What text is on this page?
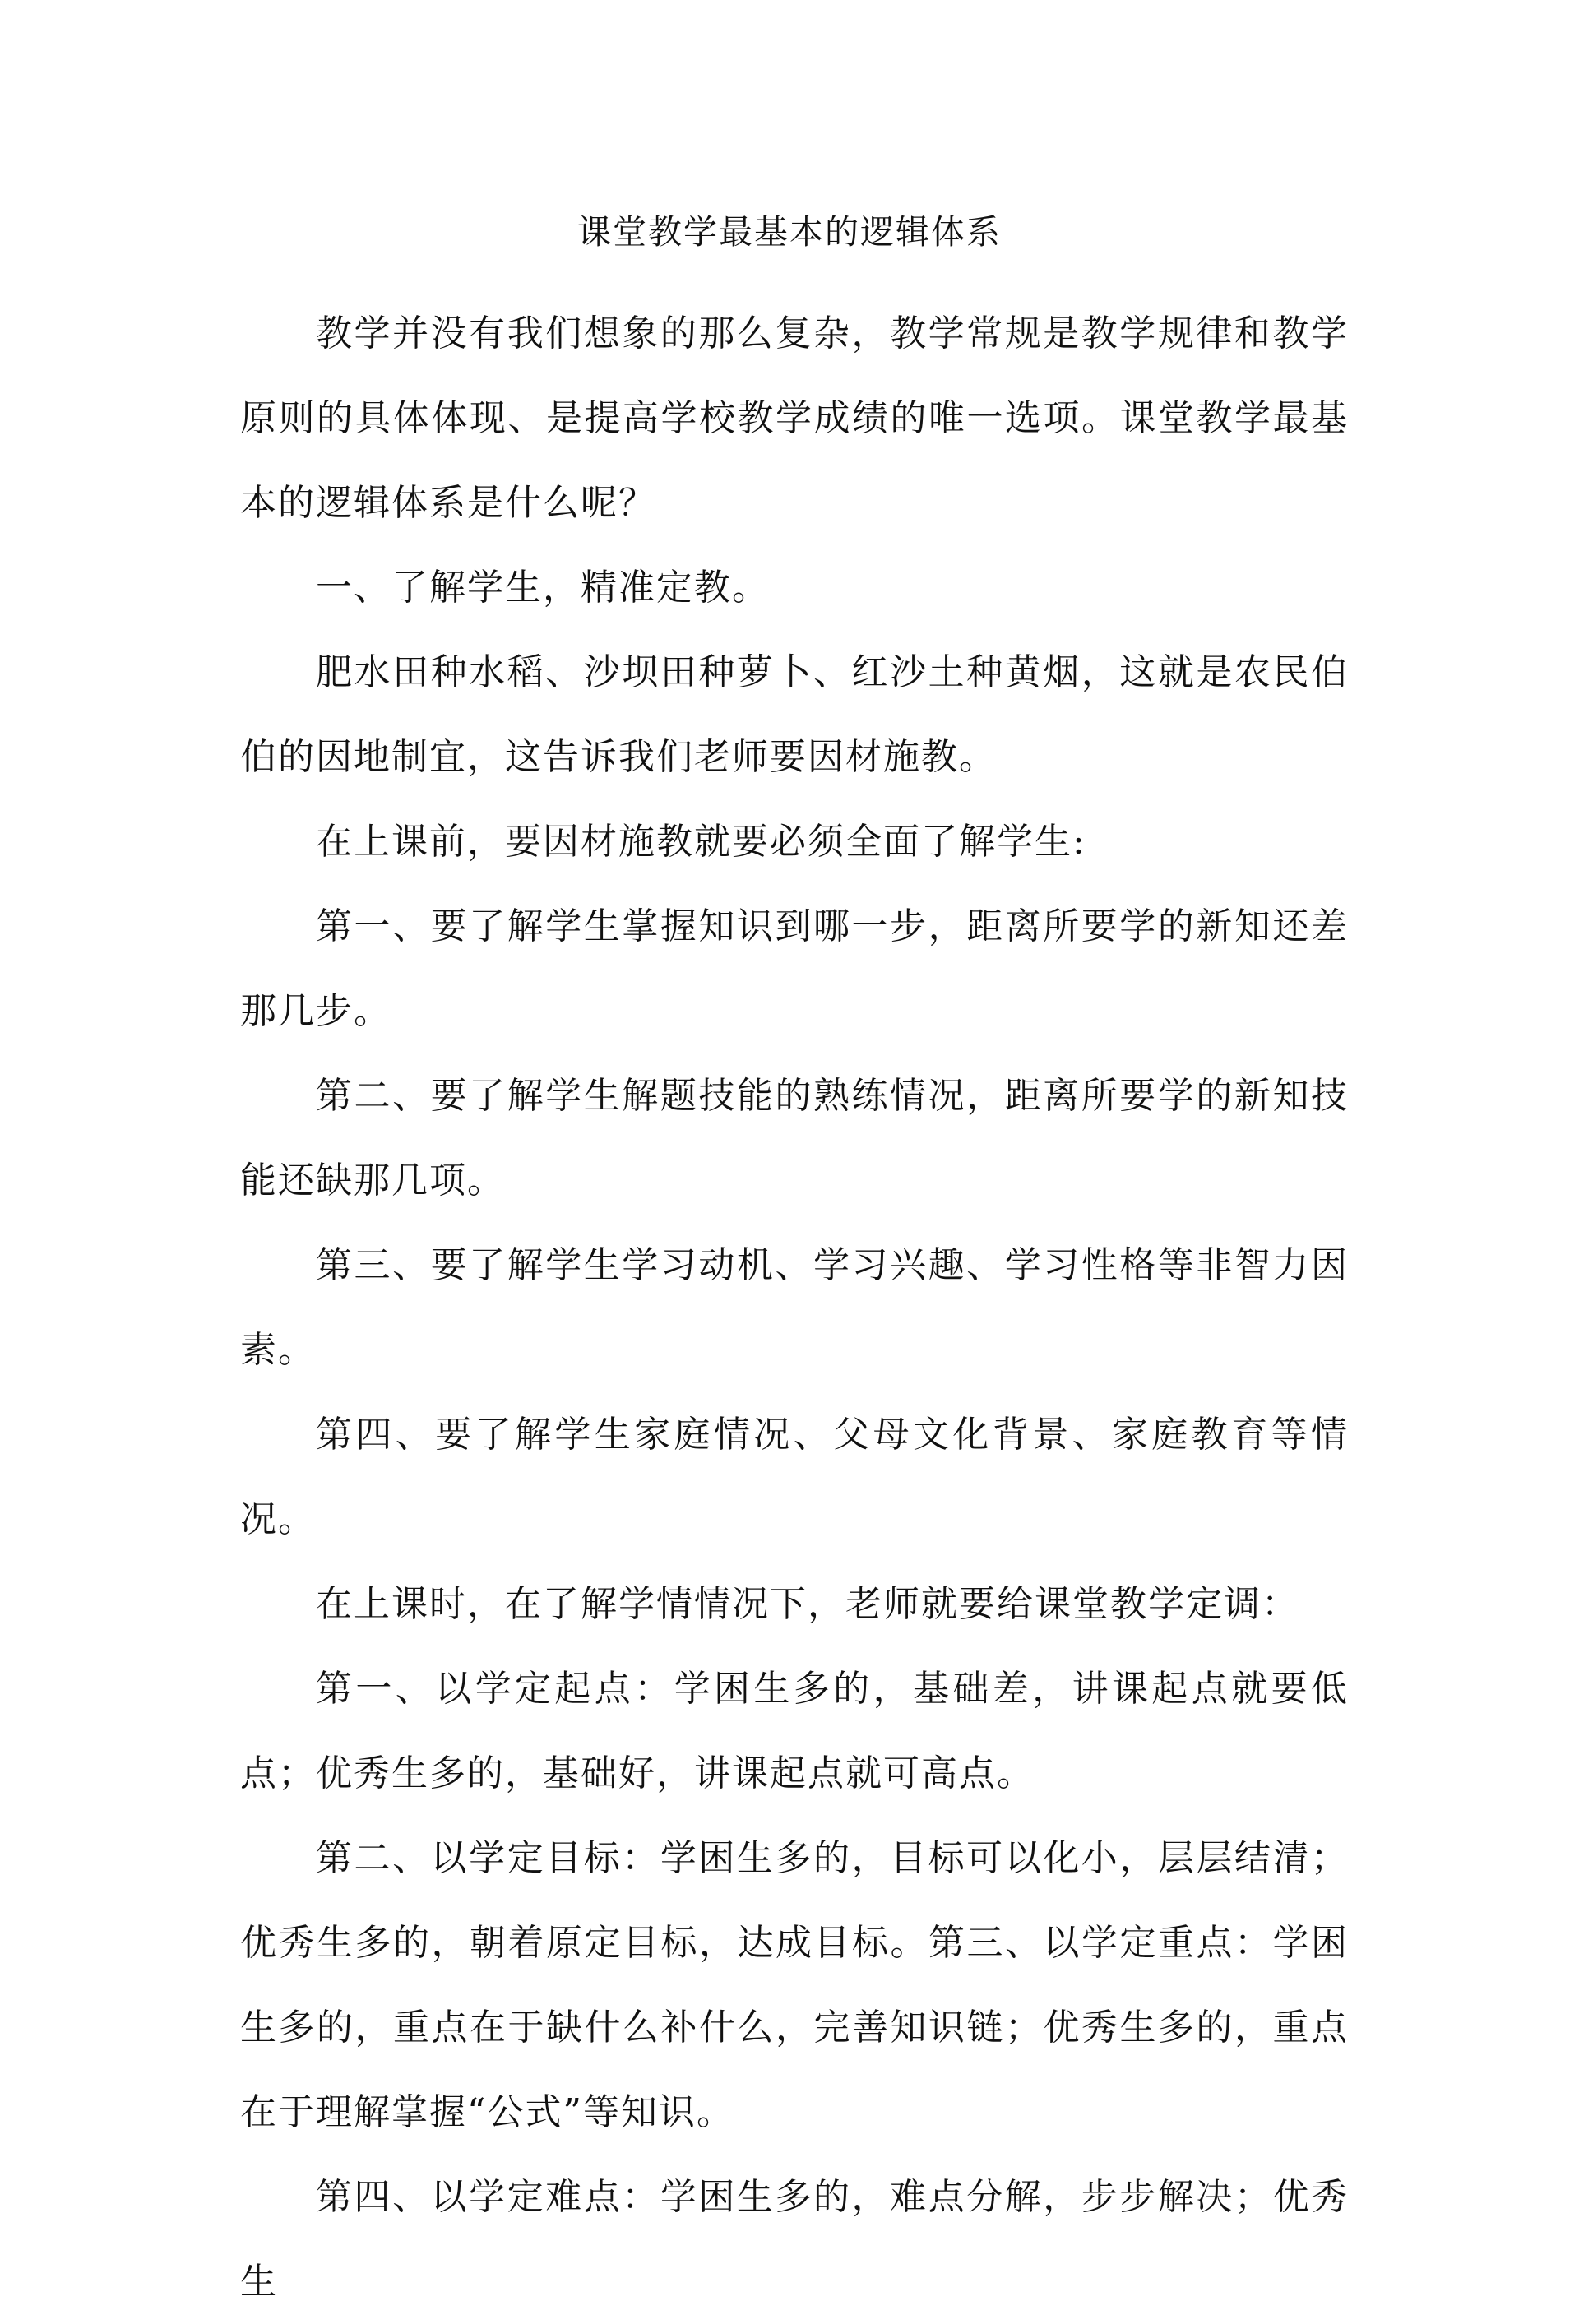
课堂教学最基本的逻辑体系

教学并没有我们想象的那么复杂，教学常规是教学规律和教学原则的具体体现、是提高学校教学成绩的唯一选项。课堂教学最基本的逻辑体系是什么呢？

一、了解学生，精准定教。

肥水田种水稻、沙坝田种萝卜、红沙土种黄烟，这就是农民伯伯的因地制宜，这告诉我们老师要因材施教。

在上课前，要因材施教就要必须全面了解学生:

第一、要了解学生掌握知识到哪一步，距离所要学的新知还差那几步。

第二、要了解学生解题技能的熟练情况，距离所要学的新知技能还缺那几项。

第三、要了解学生学习动机、学习兴趣、学习性格等非智力因素。

第四、要了解学生家庭情况、父母文化背景、家庭教育等情况。

在上课时，在了解学情情况下，老师就要给课堂教学定调：

第一、以学定起点：学困生多的，基础差，讲课起点就要低点；优秀生多的，基础好，讲课起点就可高点。

第二、以学定目标：学困生多的，目标可以化小，层层结清；优秀生多的，朝着原定目标，达成目标。第三、以学定重点：学困生多的，重点在于缺什么补什么，完善知识链；优秀生多的，重点在于理解掌握“公式”等知识。

第四、以学定难点：学困生多的，难点分解，步步解决；优秀生
